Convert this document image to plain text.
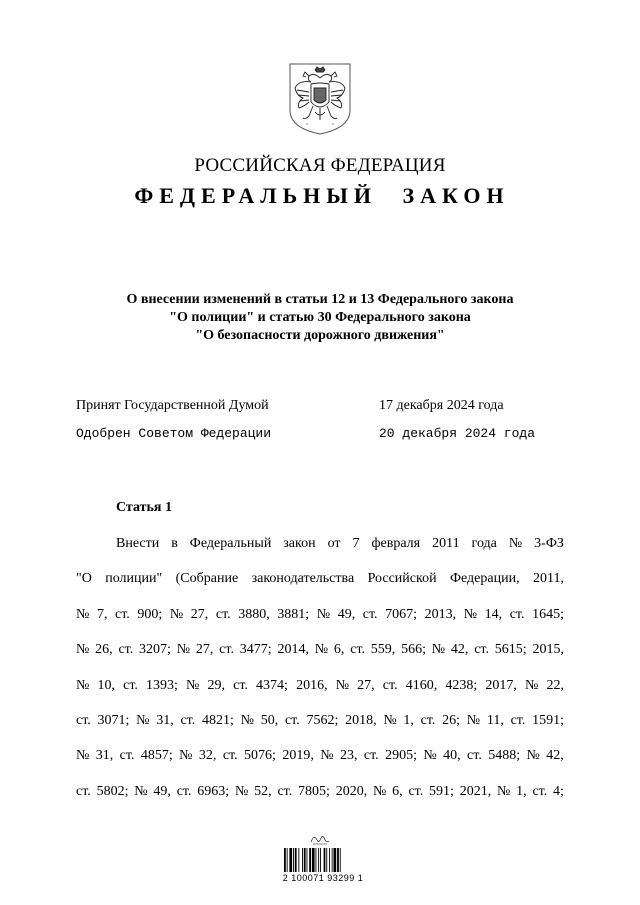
РОССИЙСКАЯ ФЕДЕРАЦИЯ
ФЕДЕРАЛЬНЫЙ ЗАКОН
О внесении изменений в статьи 12 и 13 Федерального закона
"О полиции" и статью 30 Федерального закона
"О безопасности дорожного движения"
Принят Государственной Думой	17 декабря 2024 года
Одобрен Советом Федерации	20 декабря 2024 года
Статья 1
Внести в Федеральный закон от 7 февраля 2011 года № 3-ФЗ
"О полиции" (Собрание законодательства Российской Федерации, 2011,
№ 7, ст. 900; № 27, ст. 3880, 3881; № 49, ст. 7067; 2013, № 14, ст. 1645;
№ 26, ст. 3207; № 27, ст. 3477; 2014, № 6, ст. 559, 566; № 42, ст. 5615; 2015,
№ 10, ст. 1393; № 29, ст. 4374; 2016, № 27, ст. 4160, 4238; 2017, № 22,
ст. 3071; № 31, ст. 4821; № 50, ст. 7562; 2018, № 1, ст. 26; № 11, ст. 1591;
№ 31, ст. 4857; № 32, ст. 5076; 2019, № 23, ст. 2905; № 40, ст. 5488; № 42,
ст. 5802; № 49, ст. 6963; № 52, ст. 7805; 2020, № 6, ст. 591; 2021, № 1, ст. 4;
2 100071 93299 1
